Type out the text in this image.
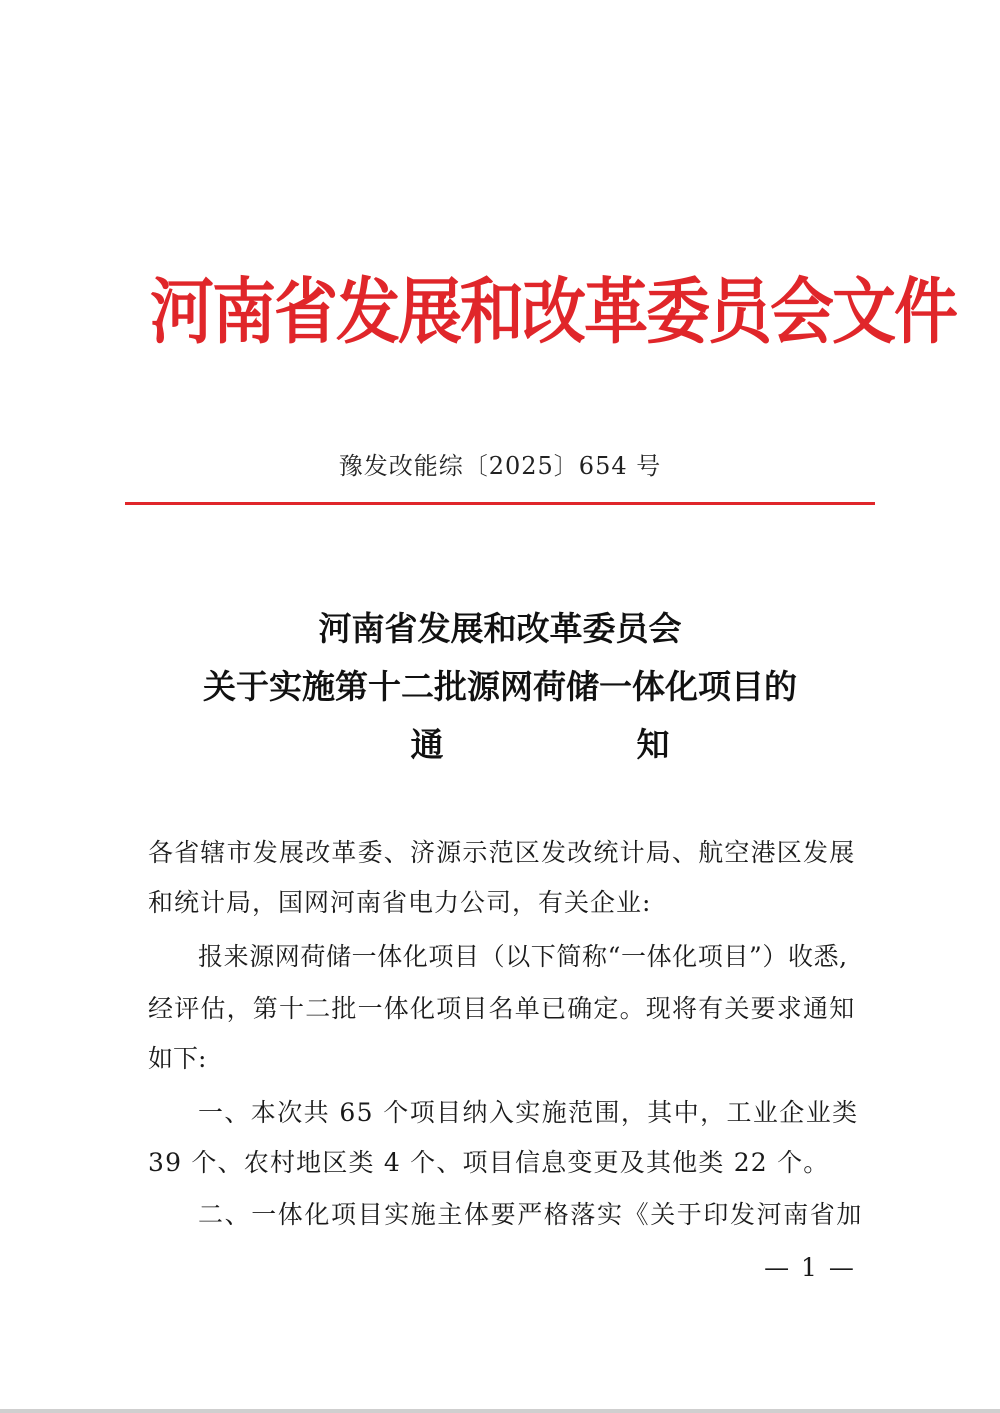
河南省发展和改革委员会文件
豫发改能综〔2025〕654 号
河南省发展和改革委员会
关于实施第十二批源网荷储一体化项目的
通　知
各省辖市发展改革委、济源示范区发改统计局、航空港区发展
和统计局，国网河南省电力公司，有关企业:
报来源网荷储一体化项目（以下简称“一体化项目”）收悉,
经评估，第十二批一体化项目名单已确定。现将有关要求通知
如下:
一、本次共 65 个项目纳入实施范围，其中，工业企业类
39 个、农村地区类 4 个、项目信息变更及其他类 22 个。
二、一体化项目实施主体要严格落实《关于印发河南省加
— 1 —
